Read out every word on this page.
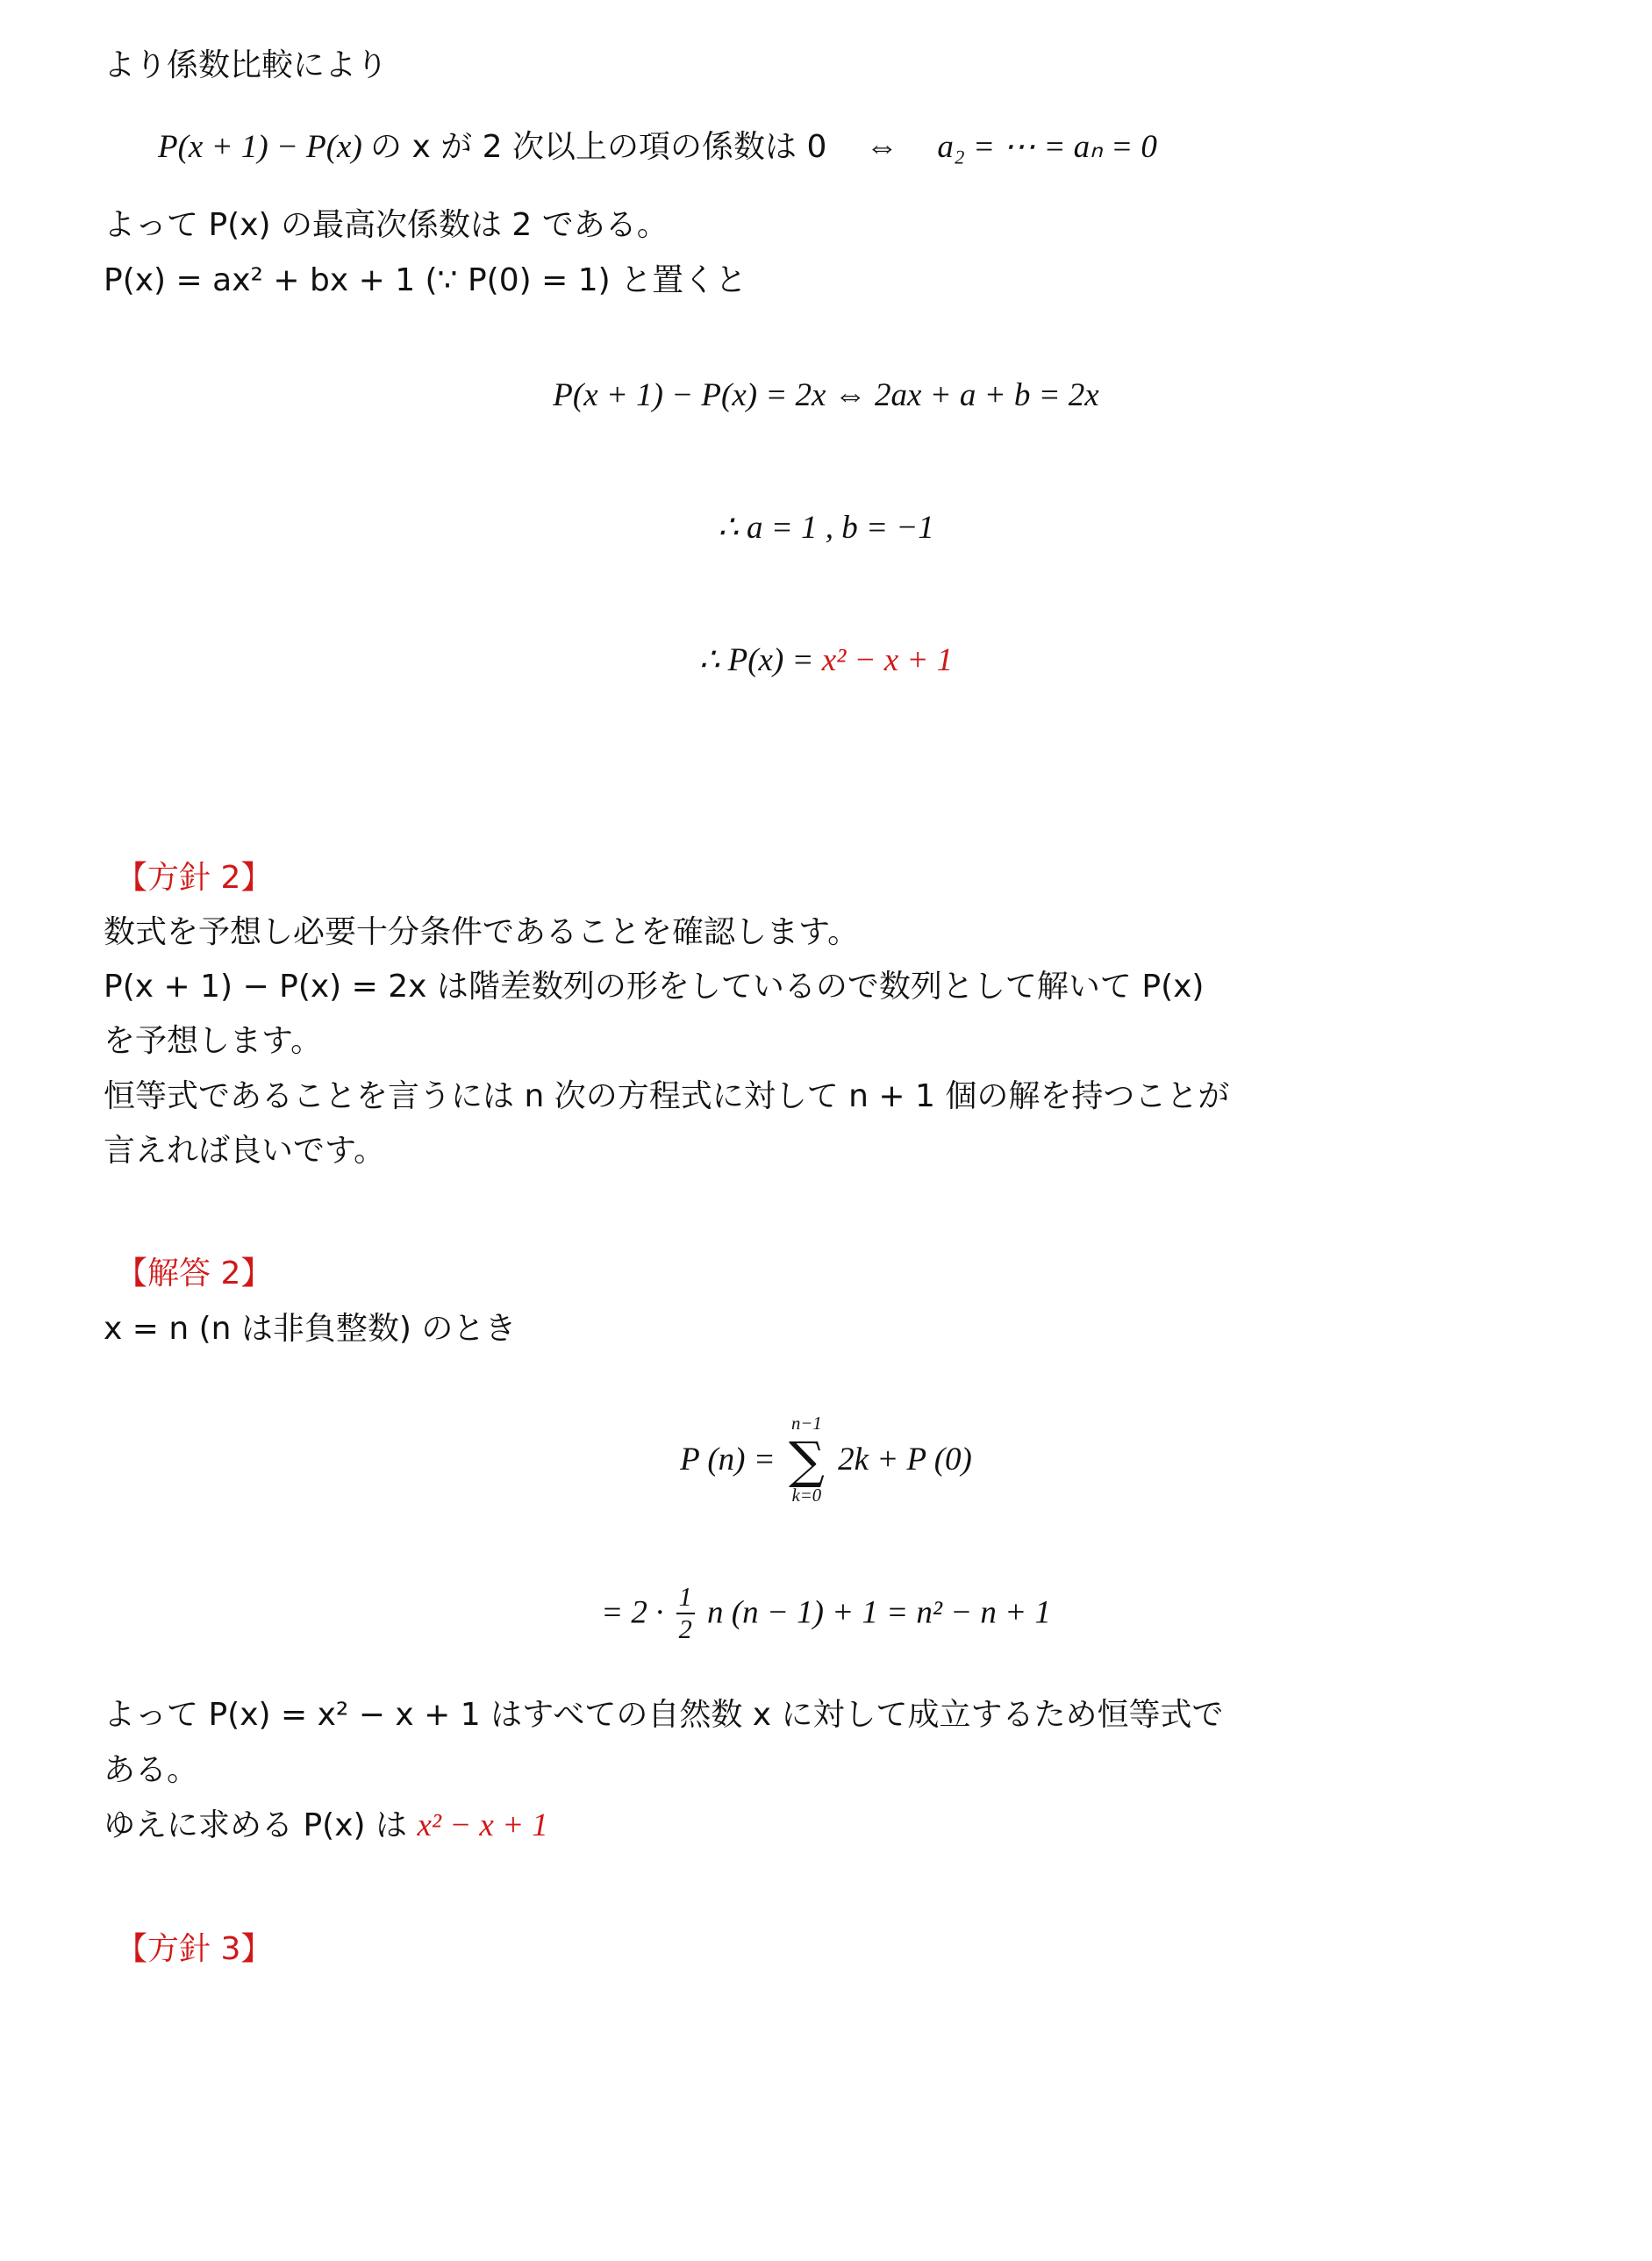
より係数比較により

P(x + 1) − P(x) の x が 2 次以上の項の係数は 0 ⇔ a₂ = ⋯ = aₙ = 0

よって P(x) の最高次係数は 2 である。

P(x) = ax² + bx + 1 (∵ P(0) = 1) と置くと

P(x + 1) − P(x) = 2x ⇔ 2ax + a + b = 2x

∴ a = 1 , b = −1

∴ P(x) = x² − x + 1

【方針 2】

数式を予想し必要十分条件であることを確認します。

P(x + 1) − P(x) = 2x は階差数列の形をしているので数列として解いて P(x)

を予想します。

恒等式であることを言うには n 次の方程式に対して n + 1 個の解を持つことが

言えれば良いです。

【解答 2】

x = n (n は非負整数) のとき

P (n) =
n−1
∑
k=0
2k + P (0)

= $2 \cdot \frac{1}{2}$ n (n − 1) + 1 = n² − n + 1

よって P(x) = x² − x + 1 はすべての自然数 x に対して成立するため恒等式で

ある。

ゆえに求める P(x) は x² − x + 1

【方針 3】
